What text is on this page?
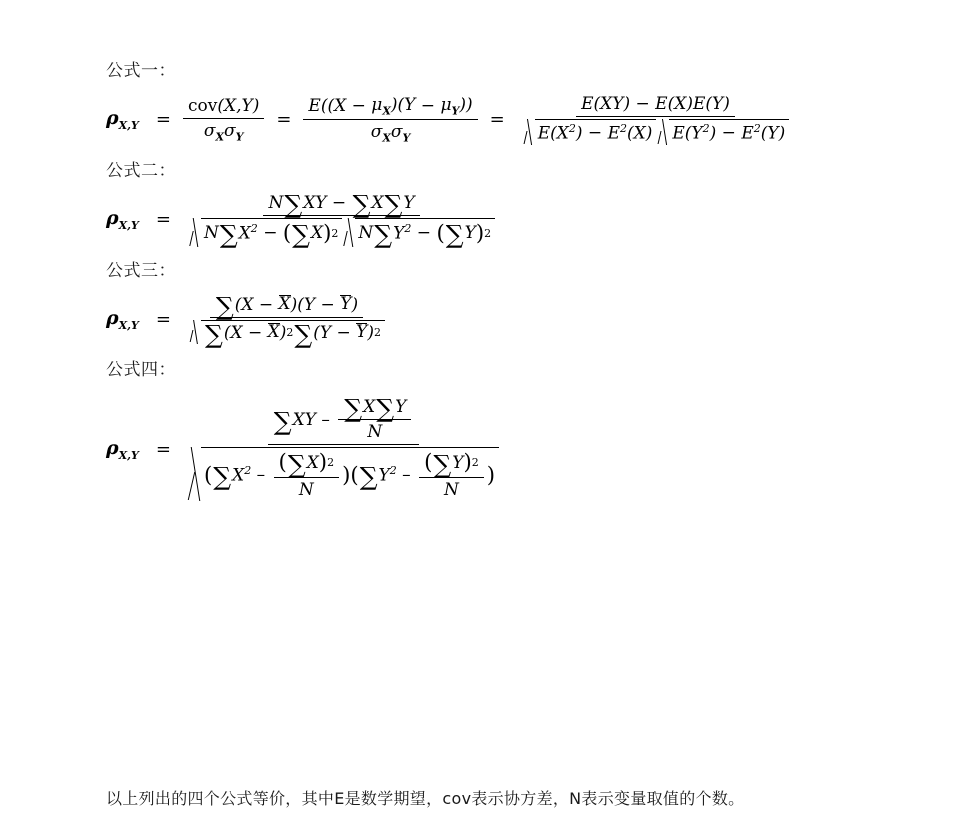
公式一：

$\rho_{X,Y} = \frac{\text{cov (X,Y)}}{\sigma_X\sigma_Y} = \frac{E((X - \mu_X)(Y - \mu_Y))}{\sigma_X\sigma_Y}$ =
E(XY) − E(X)E(Y)
$E(X^2) - E^2(X) E(Y^2) - E^2(Y)$

公式二：

$\rho_{X,Y}$ =
N ∑ XY − ∑ X ∑ Y
N ∑ $X^2$ − ( ∑ X ) 2 N ∑ $Y^2$ − ( ∑ Y ) 2

公式三：

$\rho_{X,Y} = \frac{\sum (X - X )(Y - Y )}{\sum (X - X ) 2 \sum (Y - Y ) 2}$

公式四：

$\rho_{X,Y}$ =
∑ XY – $\frac{\sum X \sum Y}{N}$
( ∑ $X^2 - \frac{( \sum X ) 2}{N}$ ) ( ∑ $Y^2 - \frac{( \sum Y ) 2}{N}$ )
以上列出的四个公式等价，其中E是数学期望，cov表示协方差，N表示变量取值的个数。
